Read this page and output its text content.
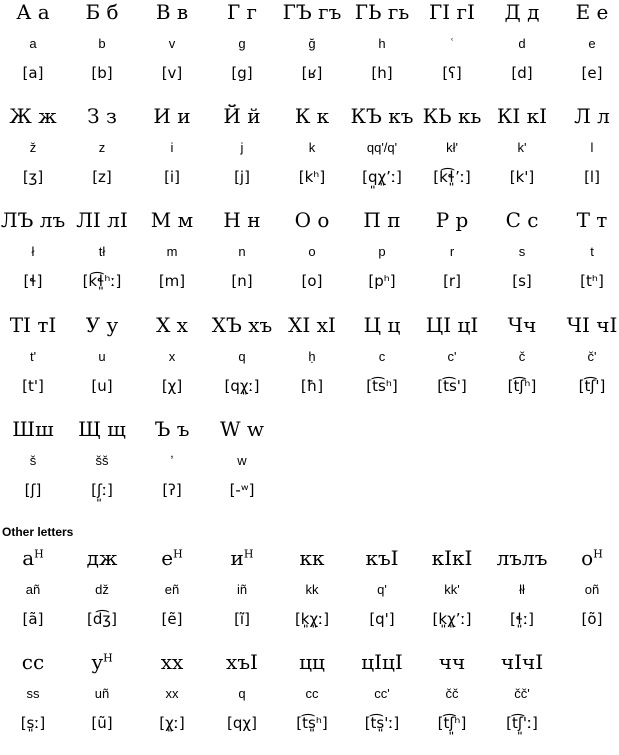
А а
a
[a]
Б б
b
[b]
В в
v
[v]
Г г
g
[g]
ГЪ гъ
ğ
[ʁ]
ГЬ гь
h
[h]
ГI гI
ʿ
[ʕ]
Д д
d
[d]
Е е
e
[e]
Ж ж
ž
[ʒ]
З з
z
[z]
И и
i
[i]
Й й
j
[j]
К к
k
[kʰ]
КЪ къ
qq'/q'
[q͈χ͈ʼː]
КЬ кь
kł'
[k͡ɬ͈ʼː]
КI кI
k'
[k']
Л л
l
[l]
ЛЪ лъ
ł
[ɬ]
ЛI лI
tł
[k͡ɬ͈ʰː]
М м
m
[m]
Н н
n
[n]
О о
o
[o]
П п
p
[pʰ]
Р р
r
[r]
С с
s
[s]
Т т
t
[tʰ]
ТI тI
t'
[t']
У у
u
[u]
Х х
x
[χ]
ХЪ хъ
q
[qχ͈ː]
ХI хI
ḥ
[ħ]
Ц ц
c
[t͡sʰ]
ЦI цI
c'
[t͡s']
Чч
č
[t͡ʃʰ]
ЧI чI
č'
[t͡ʃ']
Шш
š
[ʃ]
Щ щ
šš
[ʃ͈ː]
Ъ ъ
ʼ
[ʔ]
W w
w
[-ʷ]
Other letters
$а^Н$
añ
[ã]
дж
dž
[d͡ʒ]
$е^Н$
eñ
[ẽ]
$и^Н$
iñ
[ĩ]
кк
kk
[k͈χ͈ː]
къI
q'
[q']
кIкI
kk'
[k͈χ͈ʼː]
лълъ
łł
[ɬ͈ː]
$о^Н$
oñ
[õ]
сс
ss
[s͈ː]
$у^Н$
uñ
[ũ]
хх
xx
[χ͈ː]
хъI
q
[qχ]
цц
cc
[t͡s͈ʰ]
цIцI
cc'
[t͡s͈'ː]
чч
čč
[t͡ʃ͈ʰ]
чIчI
čč'
[t͡ʃ͈'ː]
